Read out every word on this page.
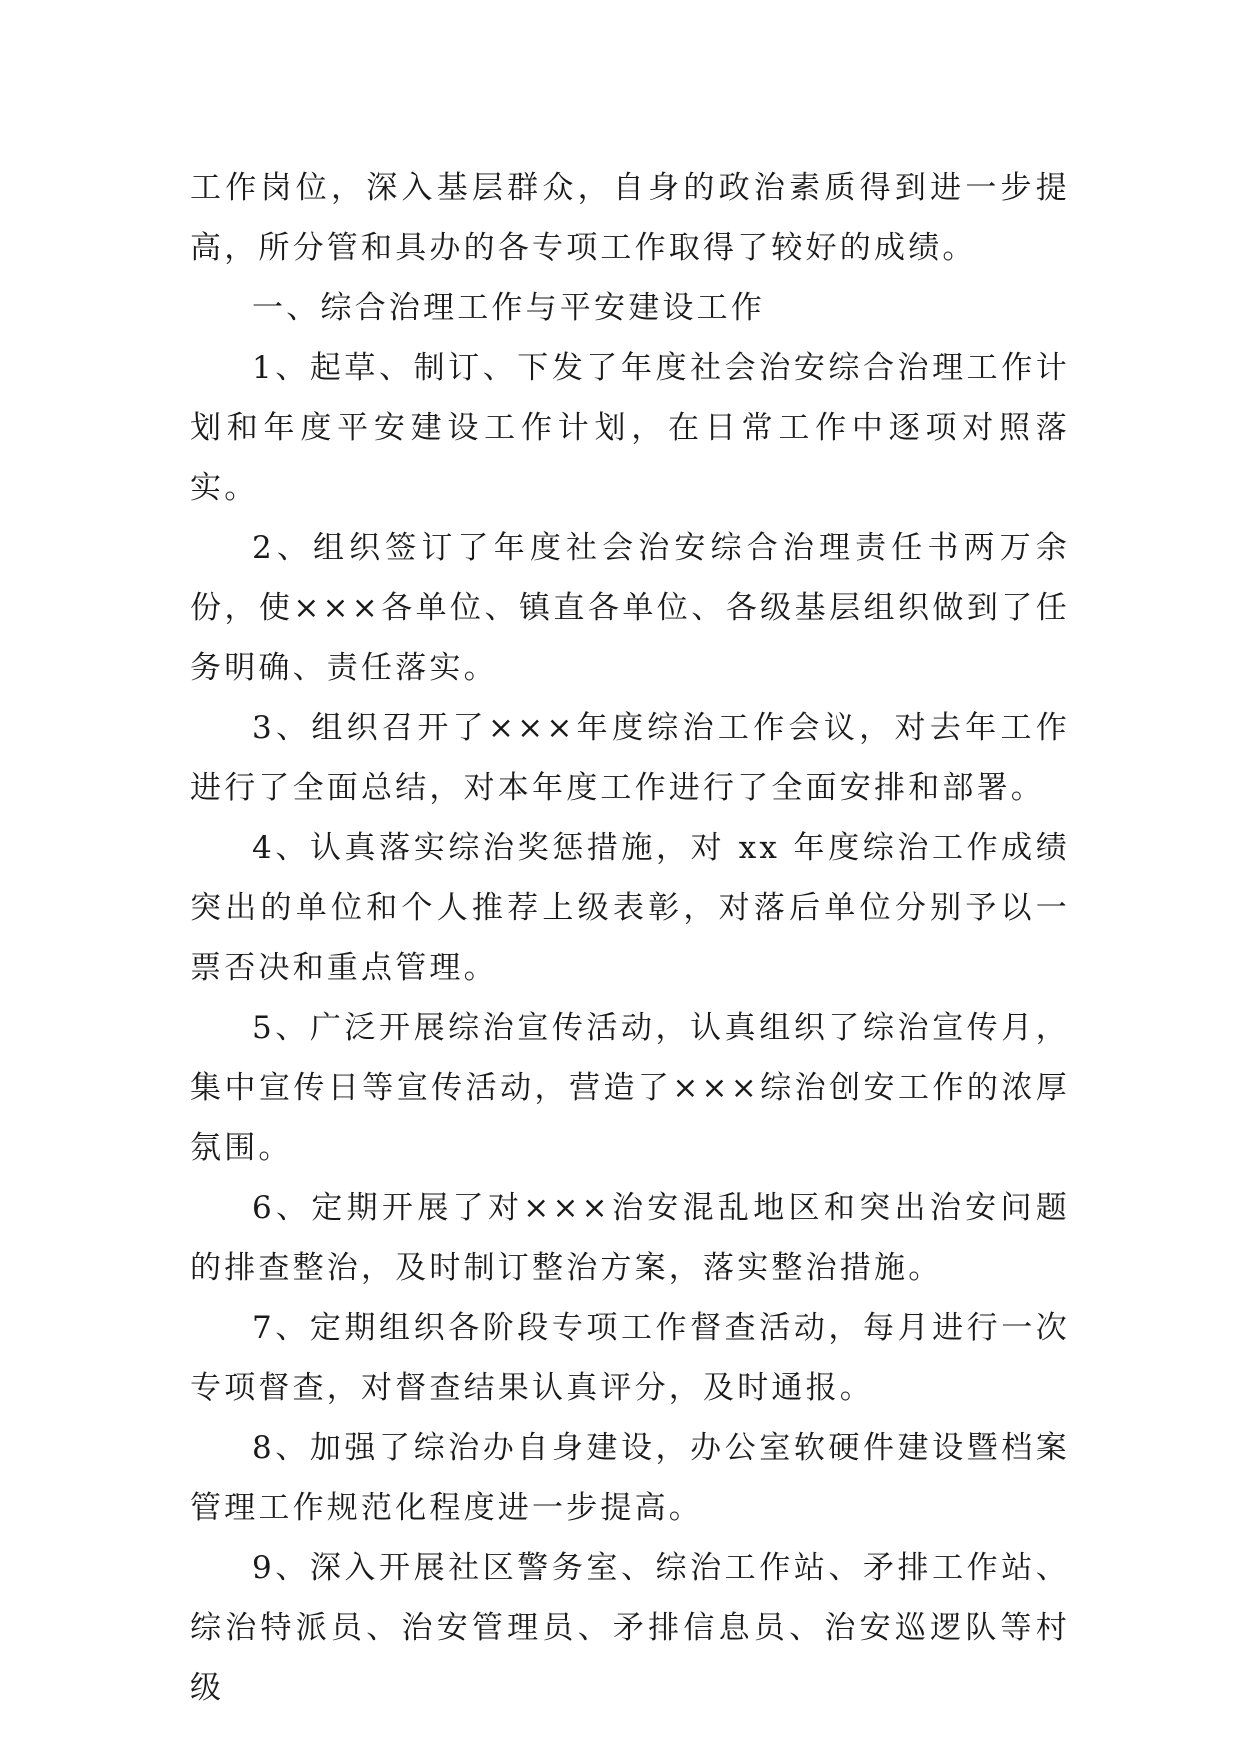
工作岗位，深入基层群众，自身的政治素质得到进一步提高，所分管和具办的各专项工作取得了较好的成绩。

一、综合治理工作与平安建设工作

1、起草、制订、下发了年度社会治安综合治理工作计划和年度平安建设工作计划，在日常工作中逐项对照落实。

2、组织签订了年度社会治安综合治理责任书两万余份，使×××各单位、镇直各单位、各级基层组织做到了任务明确、责任落实。

3、组织召开了×××年度综治工作会议，对去年工作进行了全面总结，对本年度工作进行了全面安排和部署。

4、认真落实综治奖惩措施，对 xx 年度综治工作成绩突出的单位和个人推荐上级表彰，对落后单位分别予以一票否决和重点管理。

5、广泛开展综治宣传活动，认真组织了综治宣传月，集中宣传日等宣传活动，营造了×××综治创安工作的浓厚氛围。

6、定期开展了对×××治安混乱地区和突出治安问题的排查整治，及时制订整治方案，落实整治措施。

7、定期组织各阶段专项工作督查活动，每月进行一次专项督查，对督查结果认真评分，及时通报。

8、加强了综治办自身建设，办公室软硬件建设暨档案管理工作规范化程度进一步提高。

9、深入开展社区警务室、综治工作站、矛排工作站、综治特派员、治安管理员、矛排信息员、治安巡逻队等村级
